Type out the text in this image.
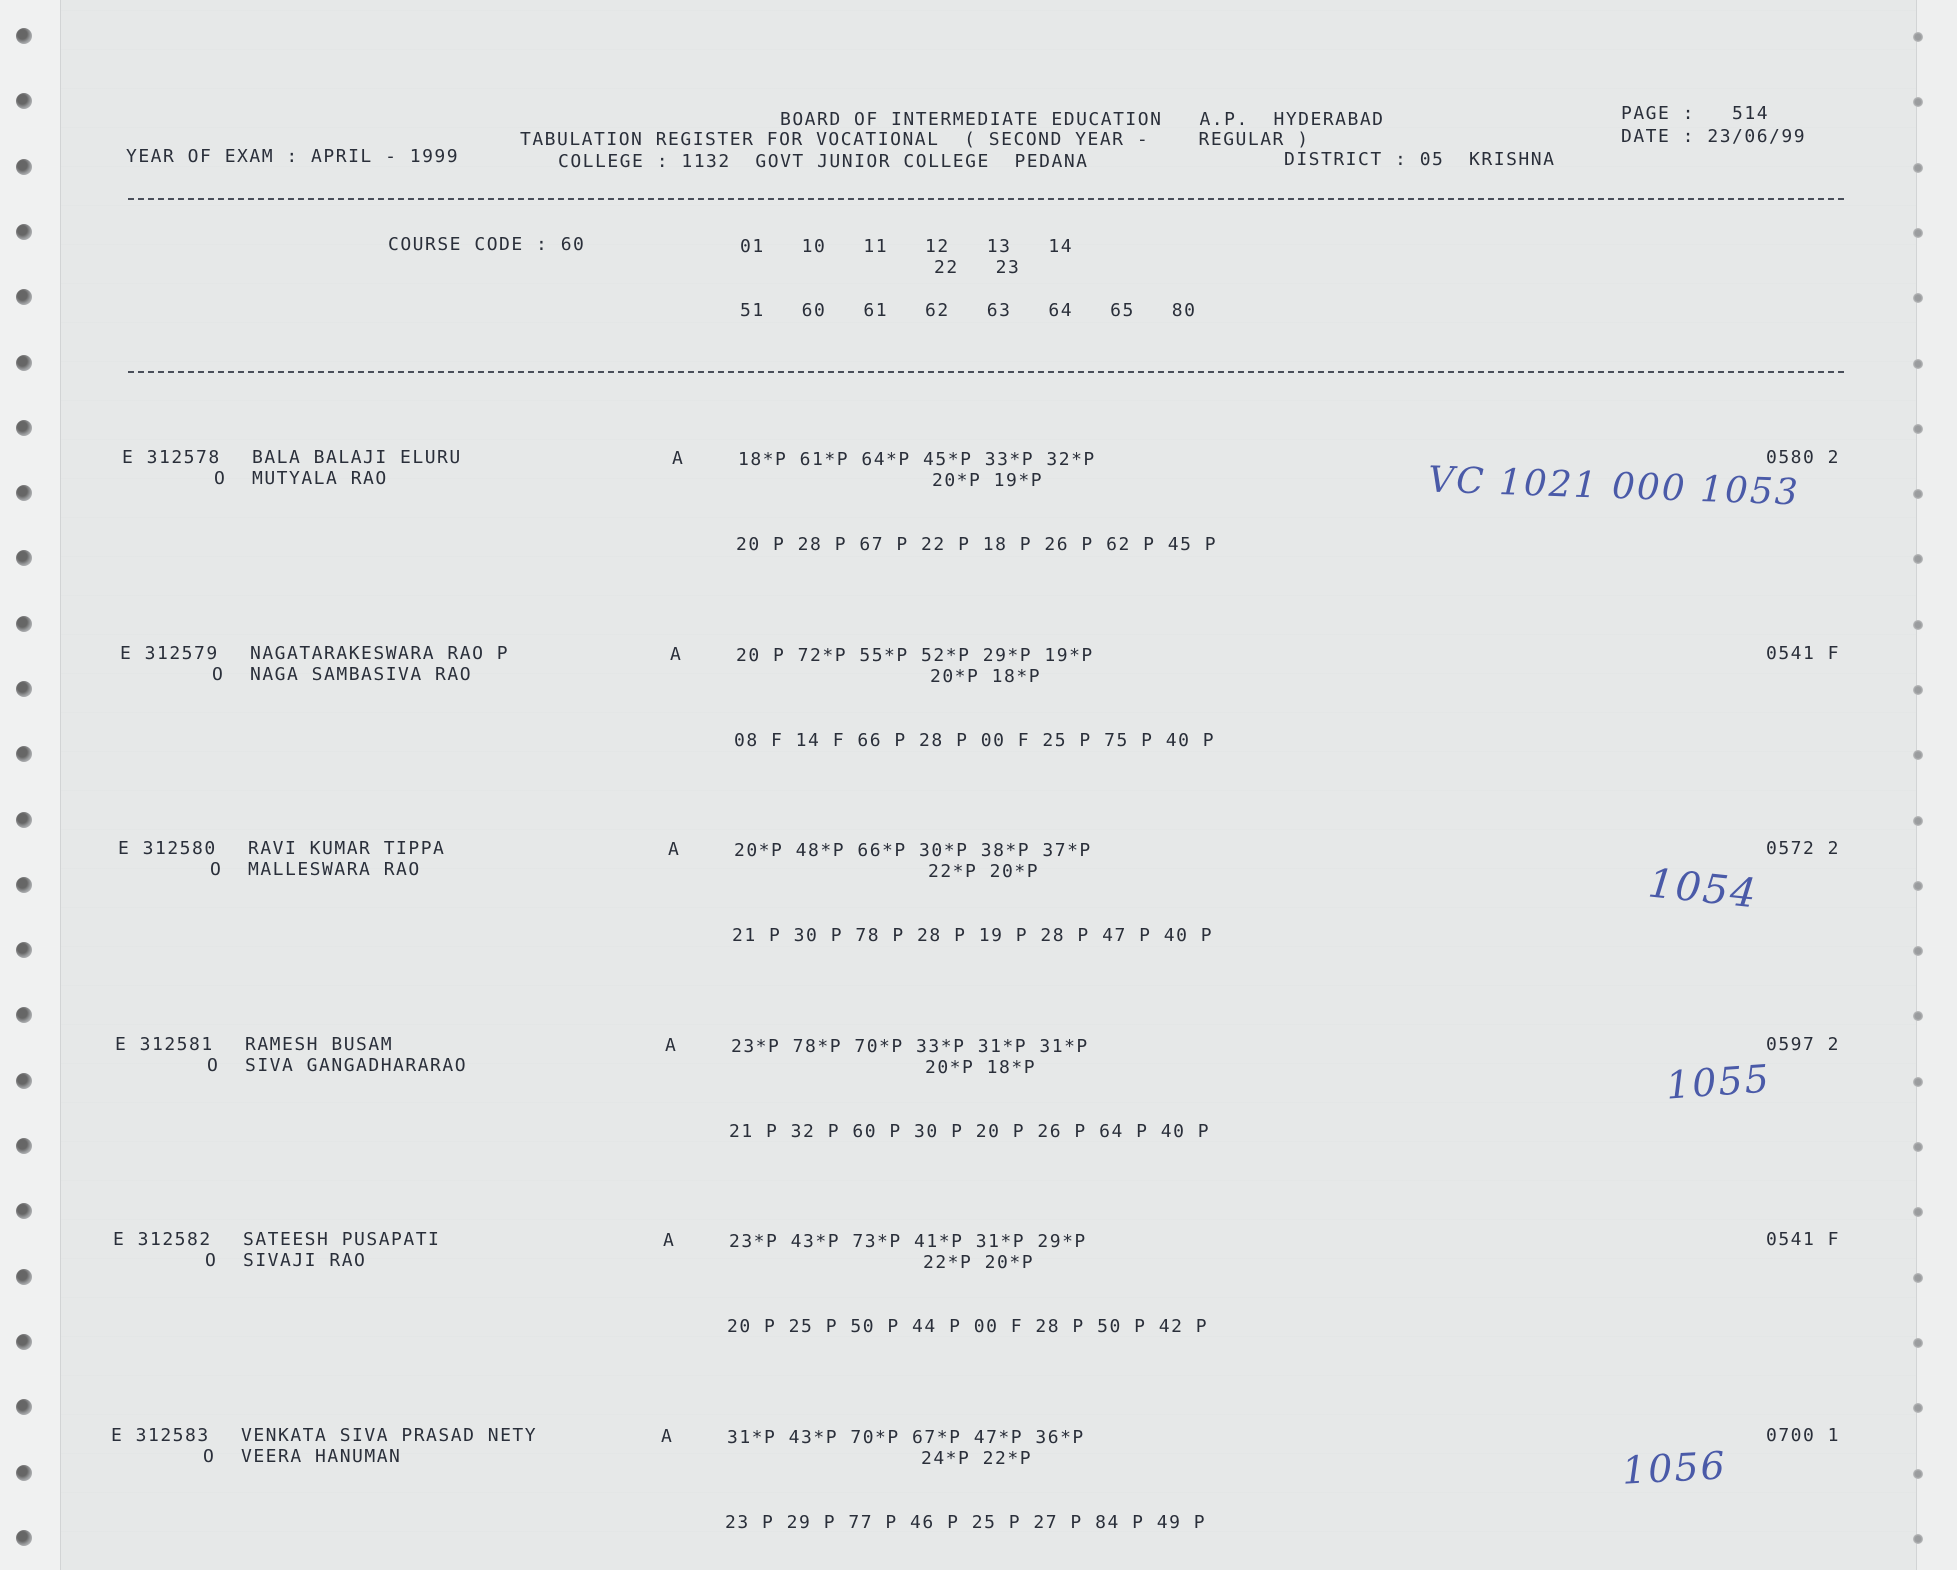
BOARD OF INTERMEDIATE EDUCATION   A.P.  HYDERABAD
TABULATION REGISTER FOR VOCATIONAL  ( SECOND YEAR -    REGULAR )
YEAR OF EXAM : APRIL - 1999	COLLEGE : 1132  GOVT JUNIOR COLLEGE  PEDANA	DISTRICT : 05  KRISHNA
PAGE :   514
DATE : 23/06/99
COURSE CODE : 60	01   10   11   12   13   14
22   23
51   60   61   62   63   64   65   80
E 312578 BALA BALAJI ELURU
O MUTYALA RAO
A	18*P 61*P 64*P 45*P 33*P 32*P
20*P 19*P
20 P 28 P 67 P 22 P 18 P 26 P 62 P 45 P
0580 2
E 312579 NAGATARAKESWARA RAO P
O NAGA SAMBASIVA RAO
A	20 P 72*P 55*P 52*P 29*P 19*P
20*P 18*P
08 F 14 F 66 P 28 P 00 F 25 P 75 P 40 P
0541 F
E 312580 RAVI KUMAR TIPPA
O MALLESWARA RAO
A	20*P 48*P 66*P 30*P 38*P 37*P
22*P 20*P
21 P 30 P 78 P 28 P 19 P 28 P 47 P 40 P
0572 2
E 312581 RAMESH BUSAM
O SIVA GANGADHARARAO
A	23*P 78*P 70*P 33*P 31*P 31*P
20*P 18*P
21 P 32 P 60 P 30 P 20 P 26 P 64 P 40 P
0597 2
E 312582 SATEESH PUSAPATI
O SIVAJI RAO
A	23*P 43*P 73*P 41*P 31*P 29*P
22*P 20*P
20 P 25 P 50 P 44 P 00 F 28 P 50 P 42 P
0541 F
E 312583 VENKATA SIVA PRASAD NETY
O VEERA HANUMAN
A	31*P 43*P 70*P 67*P 47*P 36*P
24*P 22*P
23 P 29 P 77 P 46 P 25 P 27 P 84 P 49 P
0700 1
VC 1021 000 1053
1054
1055
1056
